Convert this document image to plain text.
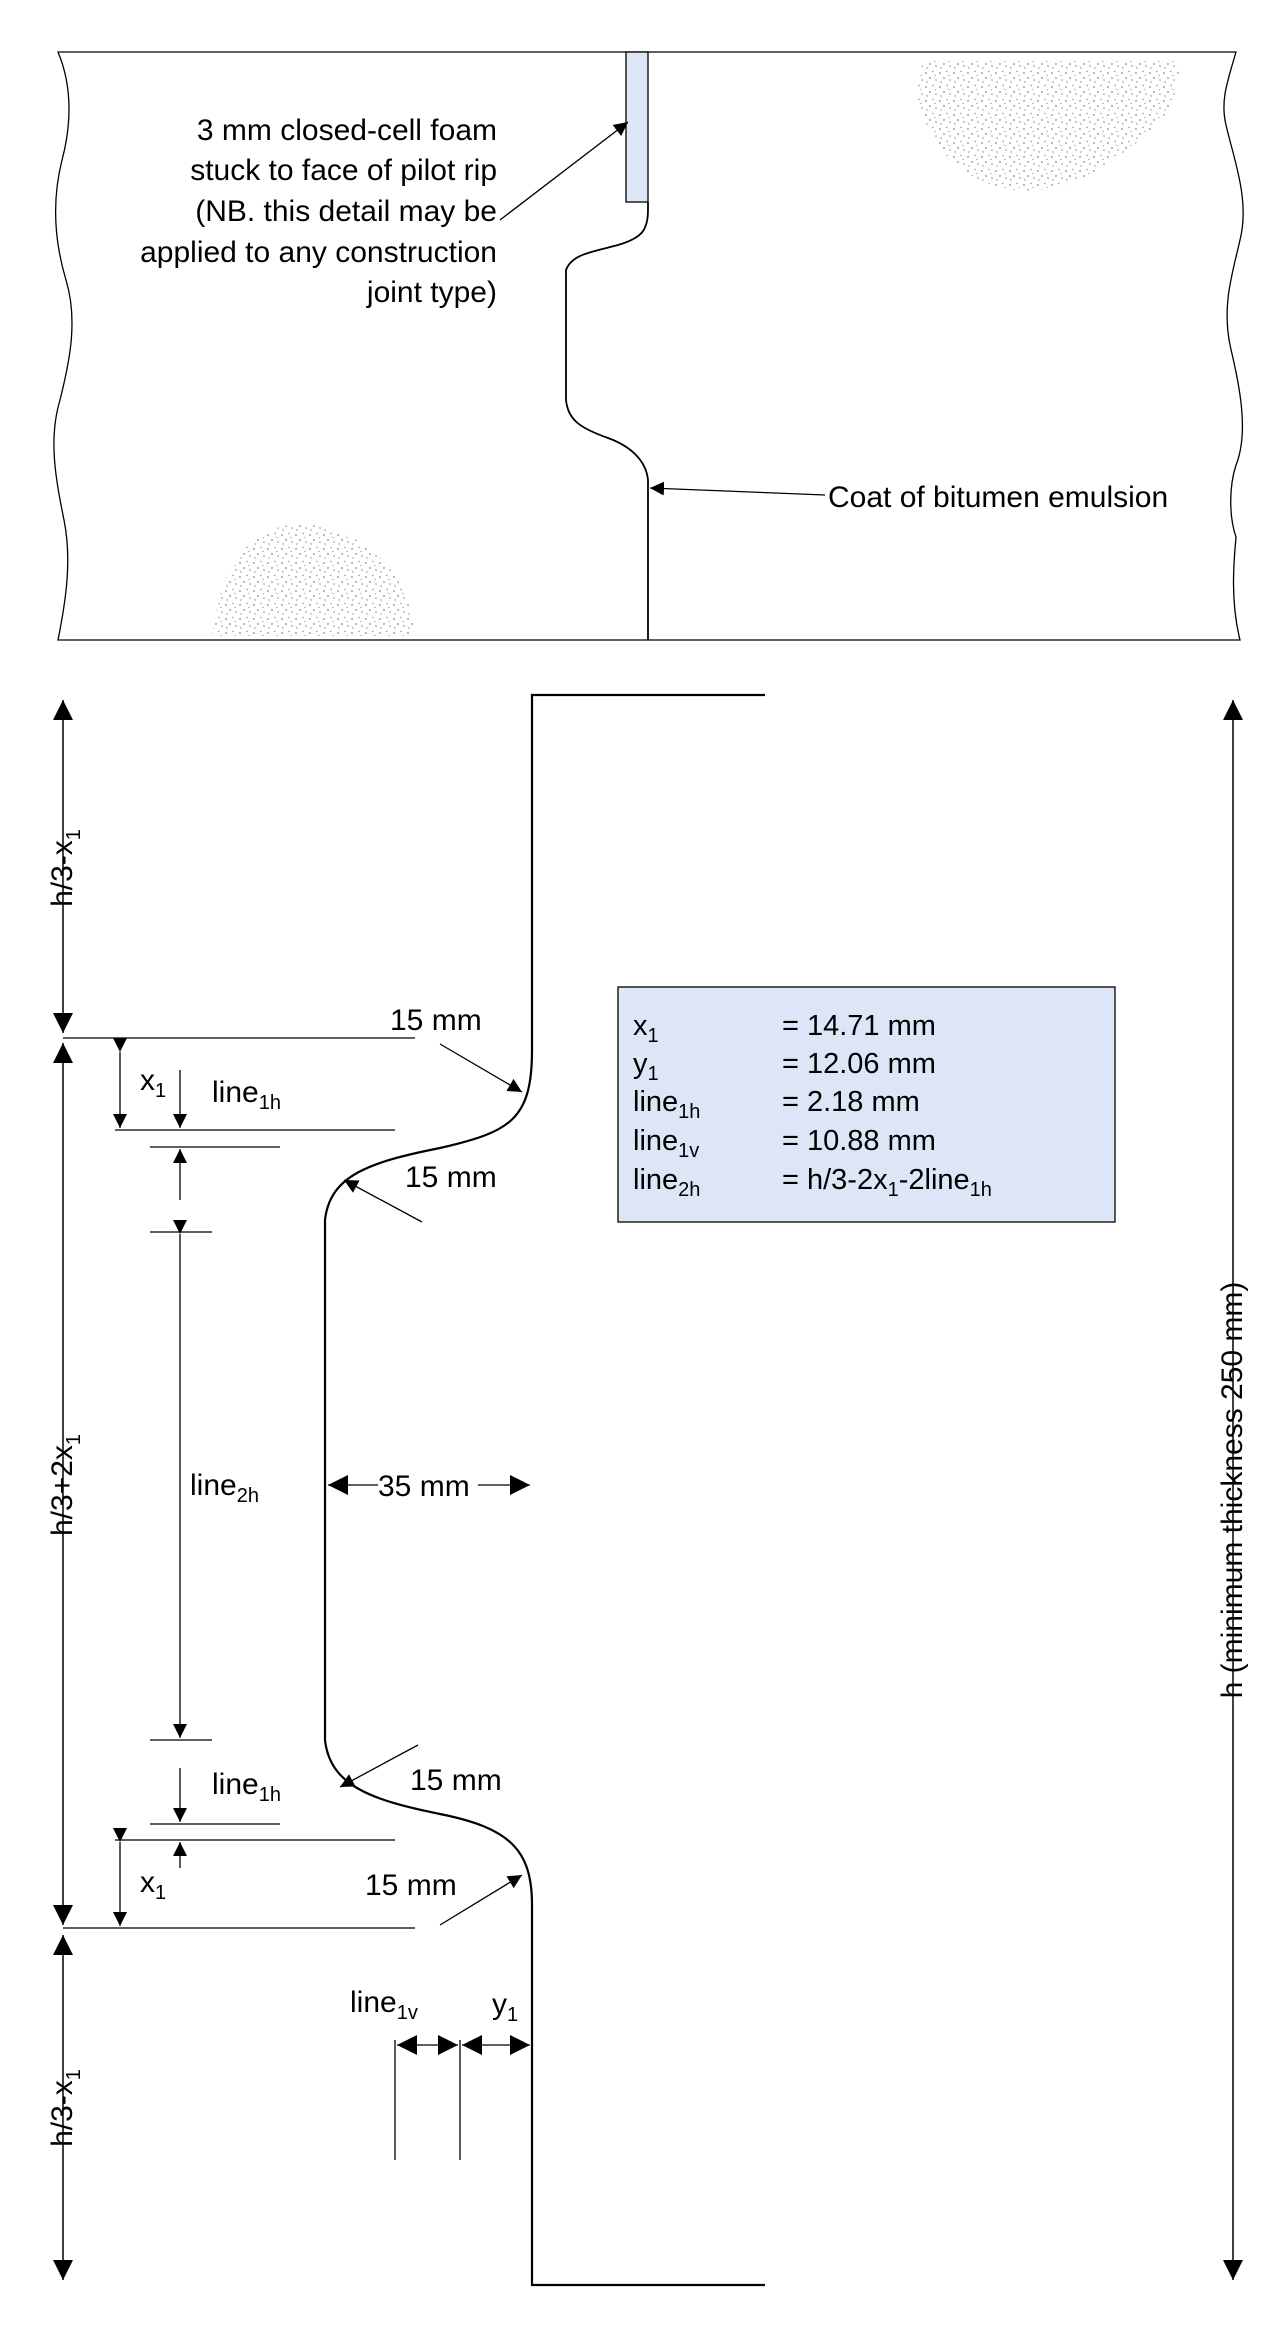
3 mm closed-cell foam
stuck to face of pilot rip
(NB. this detail may be
applied to any construction
joint type)
Coat of bitumen emulsion
$h/3-x_1$
$h/3+2x_1$
$h/3-x_1$
h (minimum thickness 250 mm)
$x_1$ line$_{1h}$
line$_{2h}$
line$_{1h}$
$x_1$
15 mm
15 mm
15 mm
15 mm
35 mm
line$_{1v}$ $y_1$
$x_1$	= 14.71 mm
$y_1$	= 12.06 mm
line$_{1h}$	= 2.18 mm
line$_{1v}$	= 10.88 mm
line$_{2h}$	= $h/3-2x_1-2line_{1h}$
